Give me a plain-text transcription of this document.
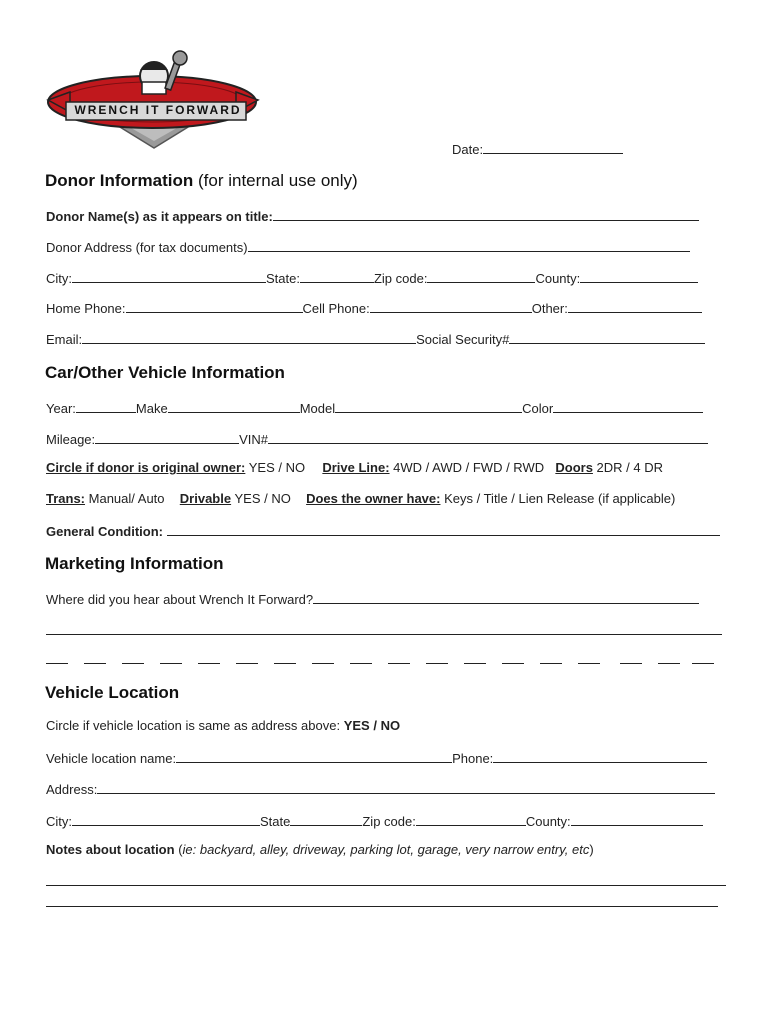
WRENCH IT FORWARD
Date:
Donor Information (for internal use only)
Donor Name(s) as it appears on title:
Donor Address (for tax documents)
City:	State:	Zip code:	County:
Home Phone:	Cell Phone:	Other:
Email:	Social Security#
Car/Other Vehicle Information
Year:	Make	Model	Color
Mileage:	VIN#
Circle if donor is original owner: YES / NO Drive Line: 4WD / AWD / FWD / RWD Doors 2DR / 4 DR
Trans: Manual/ Auto Drivable YES / NO Does the owner have: Keys / Title / Lien Release (if applicable)
General Condition:
Marketing Information
Where did you hear about Wrench It Forward?
Vehicle Location
Circle if vehicle location is same as address above: YES / NO
Vehicle location name:	Phone:
Address:
City:	State	Zip code:	County:
Notes about location (ie: backyard, alley, driveway, parking lot, garage, very narrow entry, etc)
